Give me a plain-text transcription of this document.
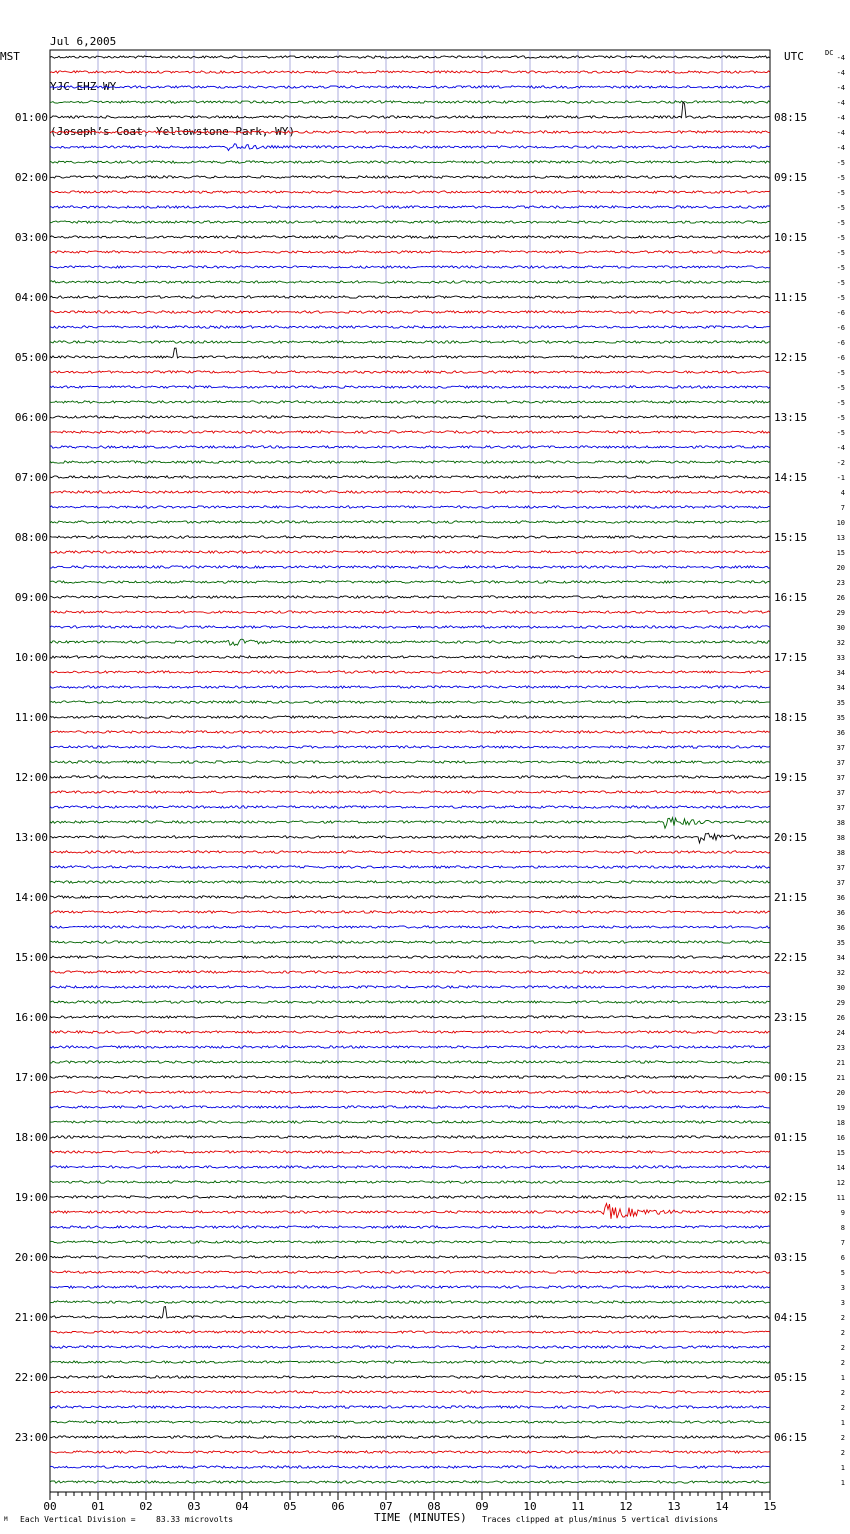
Jul 6,2005

YJC EHZ WY

(Joseph’s Coat, Yellowstone Park, WY)

MST	UTC	DC
-4
-4
-4
-4
-4
-4
-4
-5
-5
-5
-5
-5
-5
-5
-5
-5
-5
-6
-6
-6
-6
-5
-5
-5
-5
-5
-4
-2
-1
4
7
10
13
15
20
23
26
29
30
32
33
34
34
35
35
36
37
37
37
37
37
38
38
38
37
37
36
36
36
35
34
32
30
29
26
24
23
21
21
20
19
18
16
15
14
12
11
9
8
7
6
5
3
3
2
2
2
2
1
2
2
1
2
2
1
1
01:00
02:00
03:00
04:00
05:00
06:00
07:00
08:00
09:00
10:00
11:00
12:00
13:00
14:00
15:00
16:00
17:00
18:00
19:00
20:00
21:00
22:00
23:00
08:15
09:15
10:15
11:15
12:15
13:15
14:15
15:15
16:15
17:15
18:15
19:15
20:15
21:15
22:15
23:15
00:15
01:15
02:15
03:15
04:15
05:15
06:15
00	01	02	03	04	05	06	07	08	09	10	11	12	13	14	15
M Each Vertical Division =	83.33 microvolts	TIME (MINUTES) Traces clipped at plus/minus 5 vertical divisions
